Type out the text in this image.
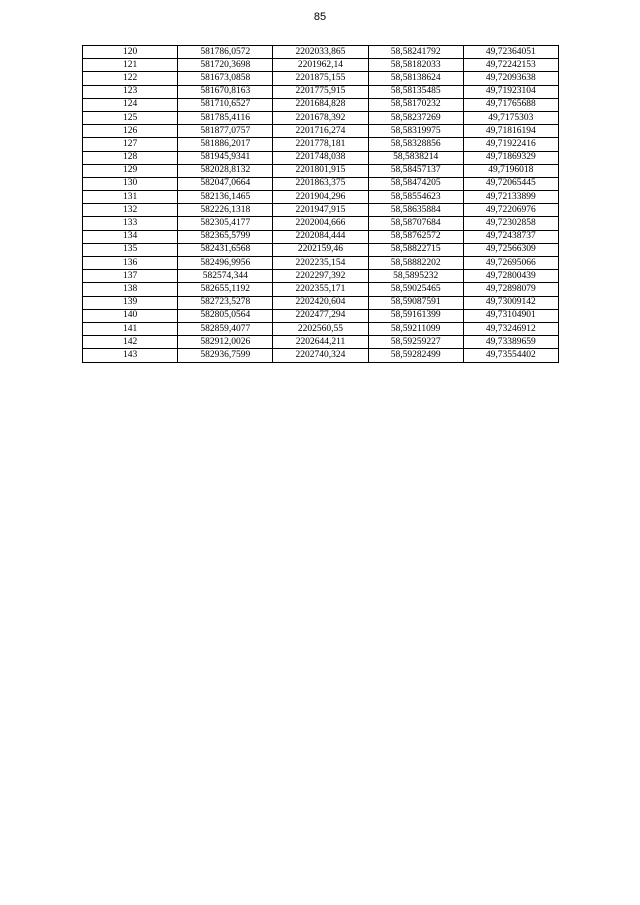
85
120	581786,0572	2202033,865	58,58241792	49,72364051
121	581720,3698	2201962,14	58,58182033	49,72242153
122	581673,0858	2201875,155	58,58138624	49,72093638
123	581670,8163	2201775,915	58,58135485	49,71923104
124	581710,6527	2201684,828	58,58170232	49,71765688
125	581785,4116	2201678,392	58,58237269	49,7175303
126	581877,0757	2201716,274	58,58319975	49,71816194
127	581886,2017	2201778,181	58,58328856	49,71922416
128	581945,9341	2201748,038	58,5838214	49,71869329
129	582028,8132	2201801,915	58,58457137	49,7196018
130	582047,0664	2201863,375	58,58474205	49,72065445
131	582136,1465	2201904,296	58,58554623	49,72133899
132	582226,1318	2201947,915	58,58635884	49,72206976
133	582305,4177	2202004,666	58,58707684	49,72302858
134	582365,5799	2202084,444	58,58762572	49,72438737
135	582431,6568	2202159,46	58,58822715	49,72566309
136	582496,9956	2202235,154	58,58882202	49,72695066
137	582574,344	2202297,392	58,5895232	49,72800439
138	582655,1192	2202355,171	58,59025465	49,72898079
139	582723,5278	2202420,604	58,59087591	49,73009142
140	582805,0564	2202477,294	58,59161399	49,73104901
141	582859,4077	2202560,55	58,59211099	49,73246912
142	582912,0026	2202644,211	58,59259227	49,73389659
143	582936,7599	2202740,324	58,59282499	49,73554402
